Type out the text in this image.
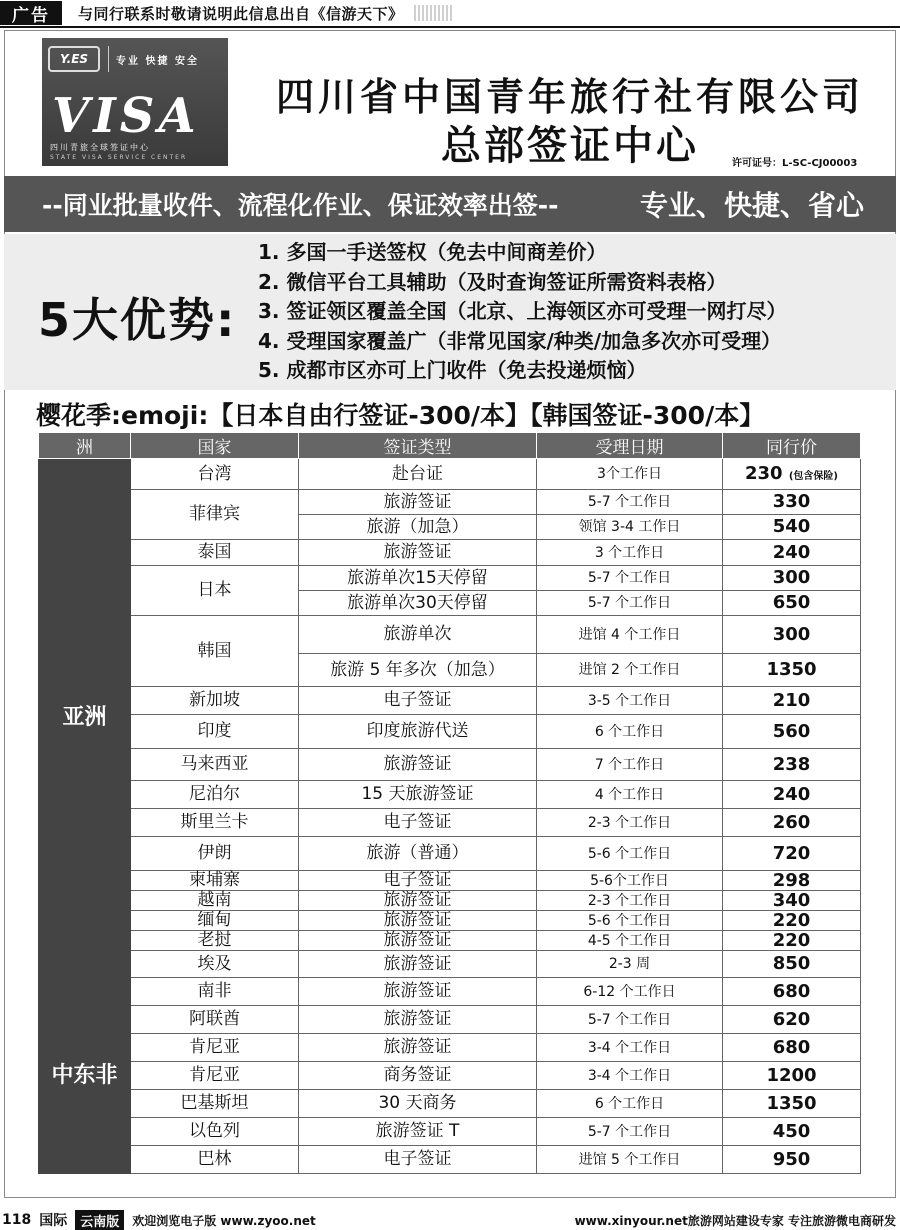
广告	与同行联系时敬请说明此信息出自《信游天下》
Y.ES	专业 快捷 安全
VISA
四川青旅全球签证中心
STATE VISA SERVICE CENTER
四川省中国青年旅行社有限公司
总部签证中心	许可证号：L-SC-CJ00003
--同业批量收件、流程化作业、保证效率出签--	专业、快捷、省心
5大优势:
1. 多国一手送签权（免去中间商差价）
2. 微信平台工具辅助（及时查询签证所需资料表格）
3. 签证领区覆盖全国（北京、上海领区亦可受理一网打尽）
4. 受理国家覆盖广（非常见国家/种类/加急多次亦可受理）
5. 成都市区亦可上门收件（免去投递烦恼）
樱花季:emoji:【日本自由行签证-300/本】【韩国签证-300/本】
洲	国家	签证类型	受理日期	同行价
亚洲	台湾	赴台证	3个工作日	230 (包含保险)
	菲律宾	旅游签证	5-7 个工作日	330
		旅游（加急）	领馆 3-4 工作日	540
	泰国	旅游签证	3 个工作日	240
	日本	旅游单次15天停留	5-7 个工作日	300
		旅游单次30天停留	5-7 个工作日	650
	韩国	旅游单次	进馆 4 个工作日	300
		旅游 5 年多次（加急）	进馆 2 个工作日	1350
	新加坡	电子签证	3-5 个工作日	210
	印度	印度旅游代送	6 个工作日	560
	马来西亚	旅游签证	7 个工作日	238
	尼泊尔	15 天旅游签证	4 个工作日	240
	斯里兰卡	电子签证	2-3 个工作日	260
	伊朗	旅游（普通）	5-6 个工作日	720
	柬埔寨	电子签证	5-6个工作日	298
	越南	旅游签证	2-3 个工作日	340
	缅甸	旅游签证	5-6 个工作日	220
	老挝	旅游签证	4-5 个工作日	220
	埃及	旅游签证	2-3 周	850
中东非	南非	旅游签证	6-12 个工作日	680
	阿联酋	旅游签证	5-7 个工作日	620
	肯尼亚	旅游签证	3-4 个工作日	680
	肯尼亚	商务签证	3-4 个工作日	1200
	巴基斯坦	30 天商务	6 个工作日	1350
	以色列	旅游签证 T	5-7 个工作日	450
	巴林	电子签证	进馆 5 个工作日	950
118 国际	云南版	欢迎浏览电子版 www.zyoo.net	www.xinyour.net旅游网站建设专家 专注旅游微电商研发
